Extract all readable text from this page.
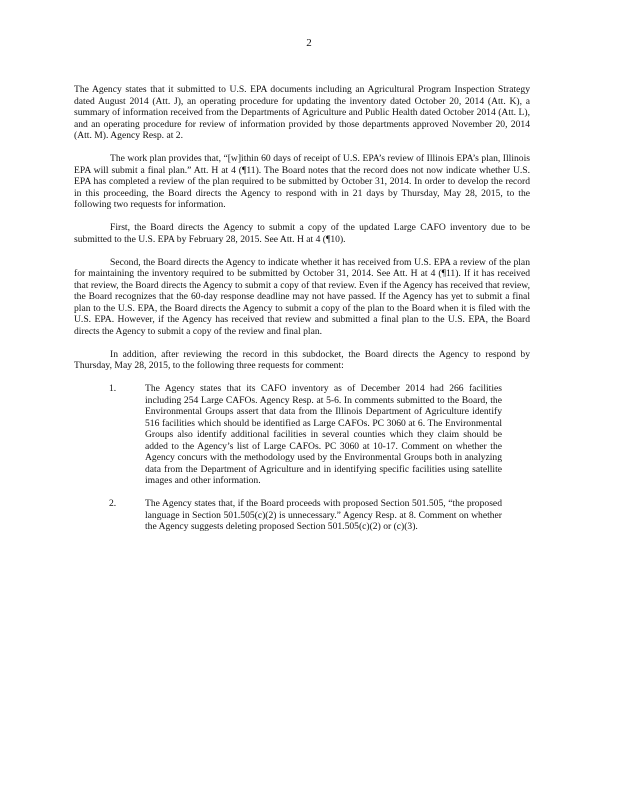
2

The Agency states that it submitted to U.S. EPA documents including an Agricultural Program Inspection Strategy dated August 2014 (Att. J), an operating procedure for updating the inventory dated October 20, 2014 (Att. K), a summary of information received from the Departments of Agriculture and Public Health dated October 2014 (Att. L), and an operating procedure for review of information provided by those departments approved November 20, 2014 (Att. M). Agency Resp. at 2.

The work plan provides that, “[w]ithin 60 days of receipt of U.S. EPA’s review of Illinois EPA’s plan, Illinois EPA will submit a final plan.” Att. H at 4 (¶11). The Board notes that the record does not now indicate whether U.S. EPA has completed a review of the plan required to be submitted by October 31, 2014. In order to develop the record in this proceeding, the Board directs the Agency to respond with in 21 days by Thursday, May 28, 2015, to the following two requests for information.

First, the Board directs the Agency to submit a copy of the updated Large CAFO inventory due to be submitted to the U.S. EPA by February 28, 2015. See Att. H at 4 (¶10).

Second, the Board directs the Agency to indicate whether it has received from U.S. EPA a review of the plan for maintaining the inventory required to be submitted by October 31, 2014. See Att. H at 4 (¶11). If it has received that review, the Board directs the Agency to submit a copy of that review. Even if the Agency has received that review, the Board recognizes that the 60-day response deadline may not have passed. If the Agency has yet to submit a final plan to the U.S. EPA, the Board directs the Agency to submit a copy of the plan to the Board when it is filed with the U.S. EPA. However, if the Agency has received that review and submitted a final plan to the U.S. EPA, the Board directs the Agency to submit a copy of the review and final plan.

In addition, after reviewing the record in this subdocket, the Board directs the Agency to respond by Thursday, May 28, 2015, to the following three requests for comment:

1.	The Agency states that its CAFO inventory as of December 2014 had 266 facilities including 254 Large CAFOs. Agency Resp. at 5-6. In comments submitted to the Board, the Environmental Groups assert that data from the Illinois Department of Agriculture identify 516 facilities which should be identified as Large CAFOs. PC 3060 at 6. The Environmental Groups also identify additional facilities in several counties which they claim should be added to the Agency’s list of Large CAFOs. PC 3060 at 10-17. Comment on whether the Agency concurs with the methodology used by the Environmental Groups both in analyzing data from the Department of Agriculture and in identifying specific facilities using satellite images and other information.
2.	The Agency states that, if the Board proceeds with proposed Section 501.505, “the proposed language in Section 501.505(c)(2) is unnecessary.” Agency Resp. at 8. Comment on whether the Agency suggests deleting proposed Section 501.505(c)(2) or (c)(3).
